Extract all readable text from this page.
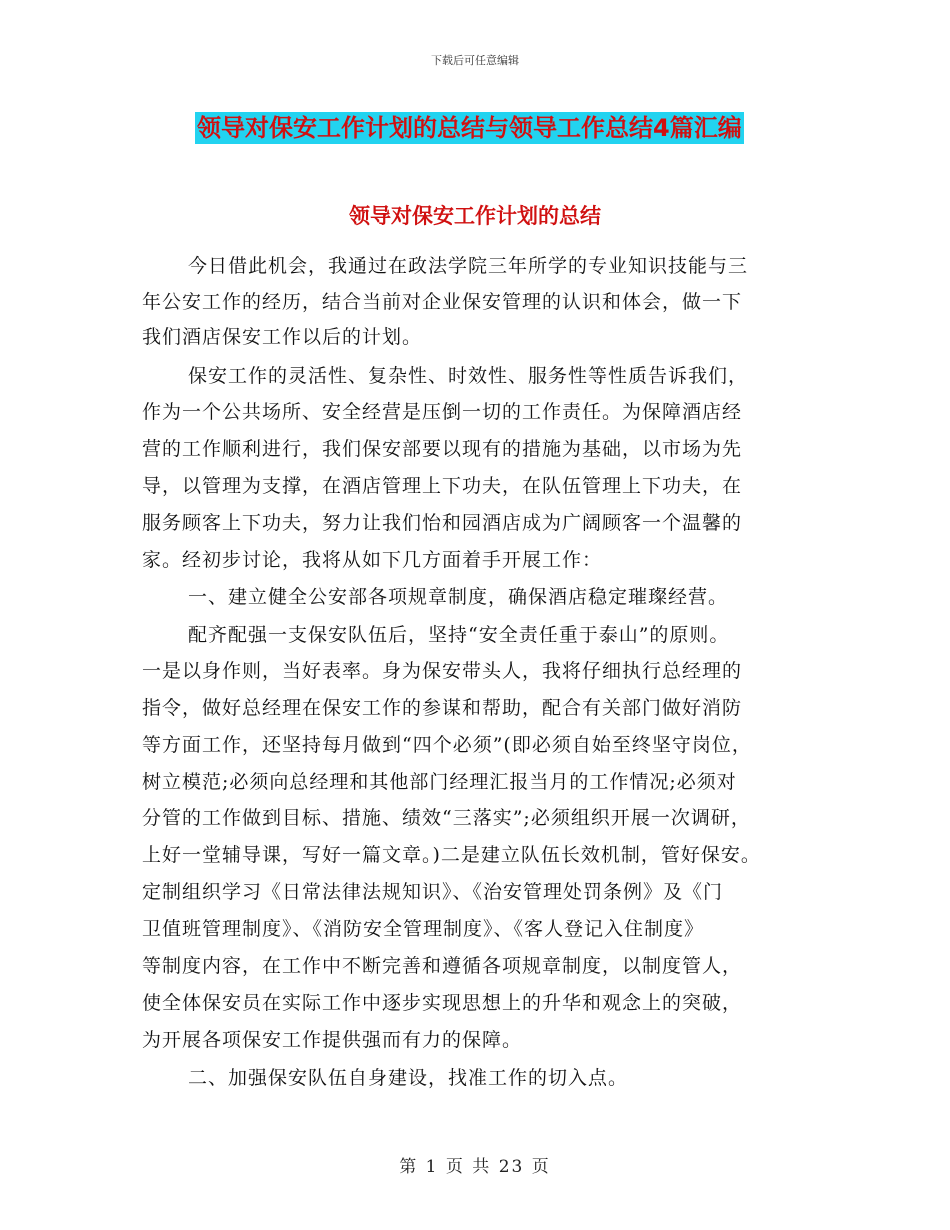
下载后可任意编辑
领导对保安工作计划的总结与领导工作总结4篇汇编
领导对保安工作计划的总结
今日借此机会，我通过在政法学院三年所学的专业知识技能与三
年公安工作的经历，结合当前对企业保安管理的认识和体会，做一下
我们酒店保安工作以后的计划。
保安工作的灵活性、复杂性、时效性、服务性等性质告诉我们，
作为一个公共场所、安全经营是压倒一切的工作责任。为保障酒店经
营的工作顺利进行，我们保安部要以现有的措施为基础，以市场为先
导，以管理为支撑，在酒店管理上下功夫，在队伍管理上下功夫，在
服务顾客上下功夫，努力让我们怡和园酒店成为广阔顾客一个温馨的
家。经初步讨论，我将从如下几方面着手开展工作：
一、建立健全公安部各项规章制度，确保酒店稳定璀璨经营。
配齐配强一支保安队伍后，坚持“安全责任重于泰山”的原则。
一是以身作则，当好表率。身为保安带头人，我将仔细执行总经理的
指令，做好总经理在保安工作的参谋和帮助，配合有关部门做好消防
等方面工作，还坚持每月做到“四个必须”(即必须自始至终坚守岗位，
树立模范;必须向总经理和其他部门经理汇报当月的工作情况;必须对
分管的工作做到目标、措施、绩效“三落实”;必须组织开展一次调研，
上好一堂辅导课，写好一篇文章。)二是建立队伍长效机制，管好保安。
定制组织学习《日常法律法规知识》、《治安管理处罚条例》及《门
卫值班管理制度》、《消防安全管理制度》、《客人登记入住制度》
等制度内容，在工作中不断完善和遵循各项规章制度，以制度管人，
使全体保安员在实际工作中逐步实现思想上的升华和观念上的突破，
为开展各项保安工作提供强而有力的保障。
二、加强保安队伍自身建设，找准工作的切入点。
第 1 页 共 23 页
